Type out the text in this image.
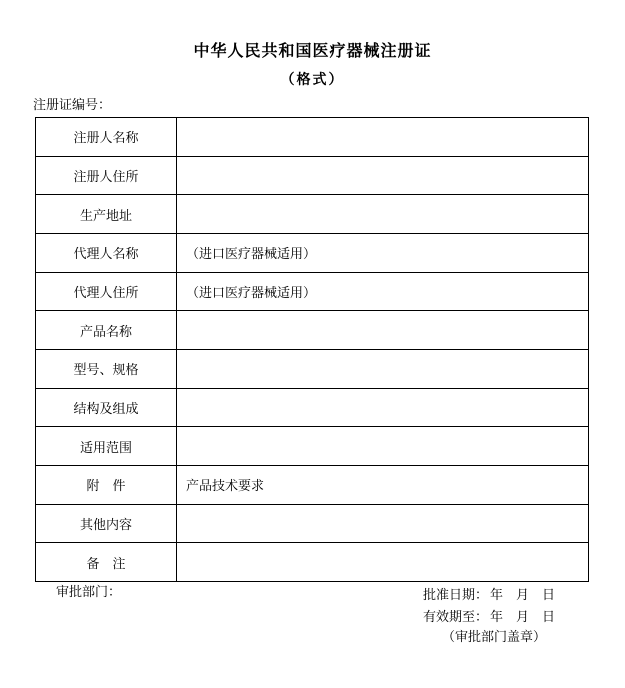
中华人民共和国医疗器械注册证
（格式）
注册证编号：
注册人名称
注册人住所
生产地址
代理人名称	（进口医疗器械适用）
代理人住所	（进口医疗器械适用）
产品名称
型号、规格
结构及组成
适用范围
附　件	产品技术要求
其他内容
备　注
审批部门：	批准日期： 年　月　日
有效期至： 年　月　日
（审批部门盖章）
